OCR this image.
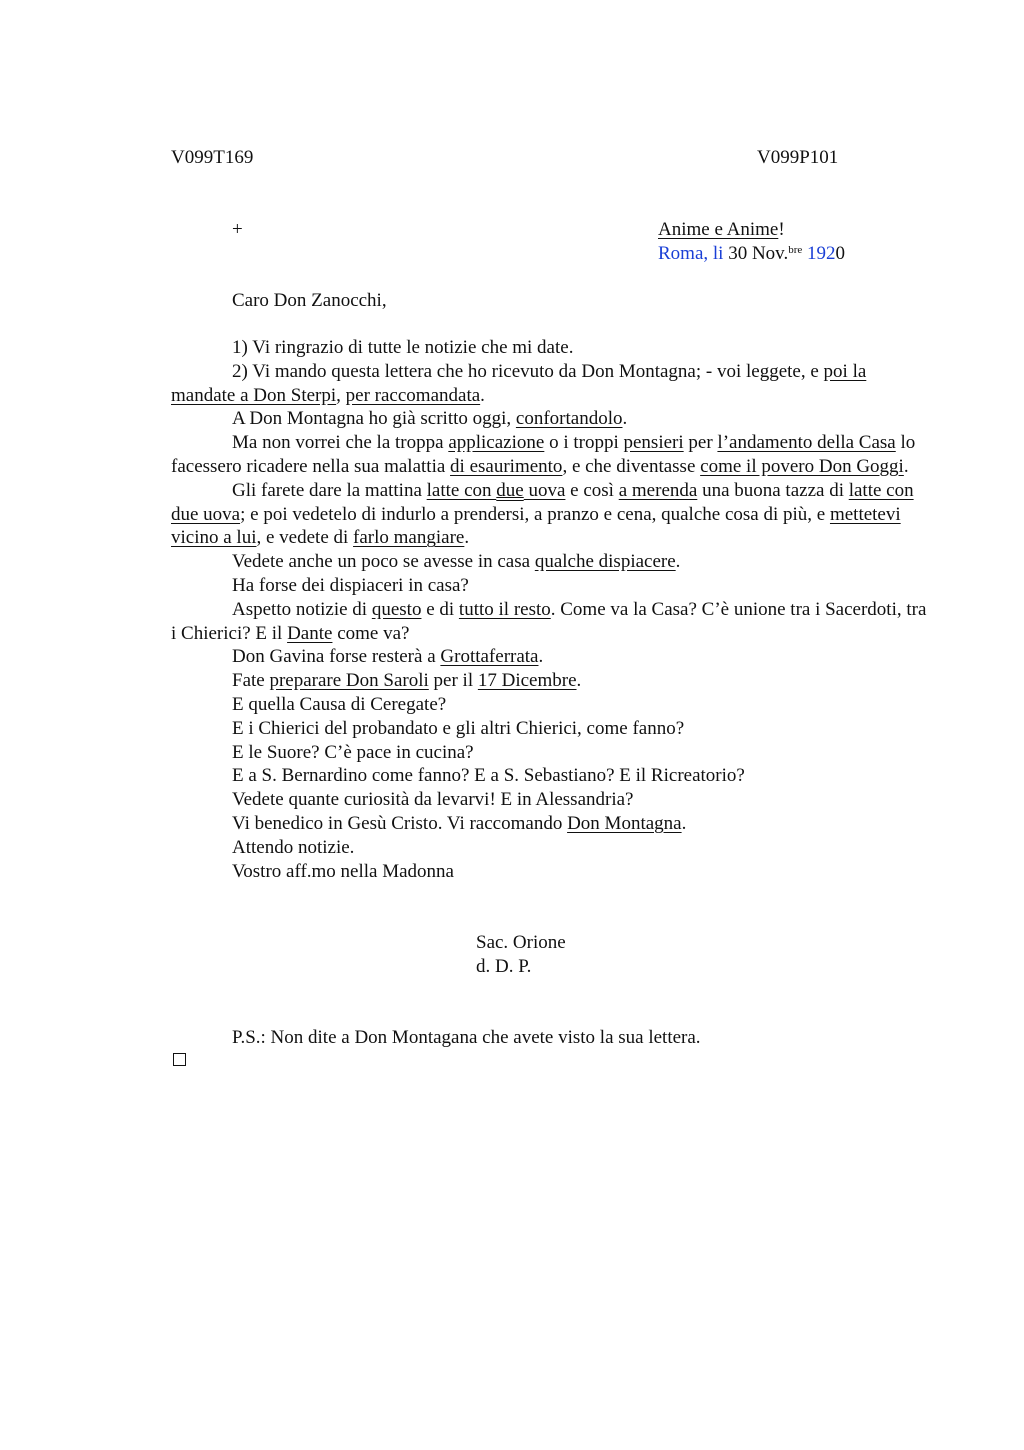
V099T169	V099P101
+	Anime e Anime!
Roma, li 30 Nov.$^{bre}$ 1920
Caro Don Zanocchi,

1) Vi ringrazio di tutte le notizie che mi date.

2) Vi mando questa lettera che ho ricevuto da Don Montagna; - voi leggete, e poi la mandate a Don Sterpi, per raccomandata.

A Don Montagna ho già scritto oggi, confortandolo.

Ma non vorrei che la troppa applicazione o i troppi pensieri per l’andamento della Casa lo facessero ricadere nella sua malattia di esaurimento, e che diventasse come il povero Don Goggi.

Gli farete dare la mattina latte con due uova e così a merenda una buona tazza di latte con due uova; e poi vedetelo di indurlo a prendersi, a pranzo e cena, qualche cosa di più, e mettetevi vicino a lui, e vedete di farlo mangiare.

Vedete anche un poco se avesse in casa qualche dispiacere.

Ha forse dei dispiaceri in casa?

Aspetto notizie di questo e di tutto il resto. Come va la Casa? C’è unione tra i Sacerdoti, tra i Chierici? E il Dante come va?

Don Gavina forse resterà a Grottaferrata.

Fate preparare Don Saroli per il 17 Dicembre.

E quella Causa di Ceregate?

E i Chierici del probandato e gli altri Chierici, come fanno?

E le Suore? C’è pace in cucina?

E a S. Bernardino come fanno? E a S. Sebastiano? E il Ricreatorio?

Vedete quante curiosità da levarvi! E in Alessandria?

Vi benedico in Gesù Cristo. Vi raccomando Don Montagna.

Attendo notizie.

Vostro aff.mo nella Madonna

Sac. Orione
d. D. P.
P.S.: Non dite a Don Montagana che avete visto la sua lettera.
